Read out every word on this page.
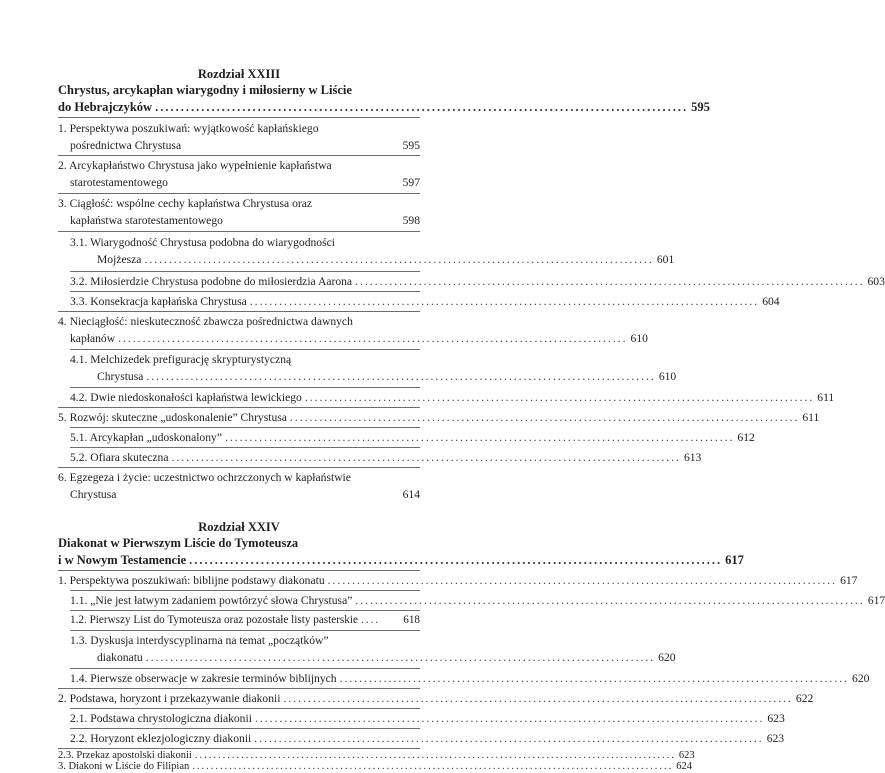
Rozdział XXIII
Chrystus, arcykapłan wiarygodny i miłosierny w Liście
do Hebrajczyków ........................................................................................................ 595
1. Perspektywa poszukiwań: wyjątkowość kapłańskiego
pośrednictwa Chrystusa	595
2. Arcykapłaństwo Chrystusa jako wypełnienie kapłaństwa
starotestamentowego	597
3. Ciągłość: wspólne cechy kapłaństwa Chrystusa oraz
kapłaństwa starotestamentowego	598
3.1. Wiarygodność Chrystusa podobna do wiarygodności
Mojżesza ........................................................................................................ 601
3.2. Miłosierdzie Chrystusa podobne do miłosierdzia Aarona ........................................................................................................ 603
3.3. Konsekracja kapłańska Chrystusa ........................................................................................................ 604
4. Nieciągłość: nieskuteczność zbawcza pośrednictwa dawnych
kapłanów ........................................................................................................ 610
4.1. Melchizedek prefigurację skrypturystyczną
Chrystusa ........................................................................................................ 610
4.2. Dwie niedoskonałości kapłaństwa lewickiego ........................................................................................................ 611
5. Rozwój: skuteczne „udoskonalenie” Chrystusa ........................................................................................................ 611
5.1. Arcykapłan „udoskonalony” ........................................................................................................ 612
5.2. Ofiara skuteczna ........................................................................................................ 613
6. Egzegeza i życie: uczestnictwo ochrzczonych w kapłaństwie
Chrystusa	614
Rozdział XXIV
Diakonat w Pierwszym Liście do Tymoteusza
i w Nowym Testamencie ........................................................................................................ 617
1. Perspektywa poszukiwań: biblijne podstawy diakonatu ........................................................................................................ 617
1.1. „Nie jest łatwym zadaniem powtórzyć słowa Chrystusa” ........................................................................................................ 617
1.2. Pierwszy List do Tymoteusza oraz pozostałe listy pasterskie ....	618
1.3. Dyskusja interdyscyplinarna na temat „początków”
diakonatu ........................................................................................................ 620
1.4. Pierwsze obserwacje w zakresie terminów biblijnych ........................................................................................................ 620
2. Podstawa, horyzont i przekazywanie diakonii ........................................................................................................ 622
2.1. Podstawa chrystologiczna diakonii ........................................................................................................ 623
2.2. Horyzont eklezjologiczny diakonii ........................................................................................................ 623
2.3. Przekaz apostolski diakonii ........................................................................................................ 623
3. Diakoni w Liście do Filipian ........................................................................................................ 624
